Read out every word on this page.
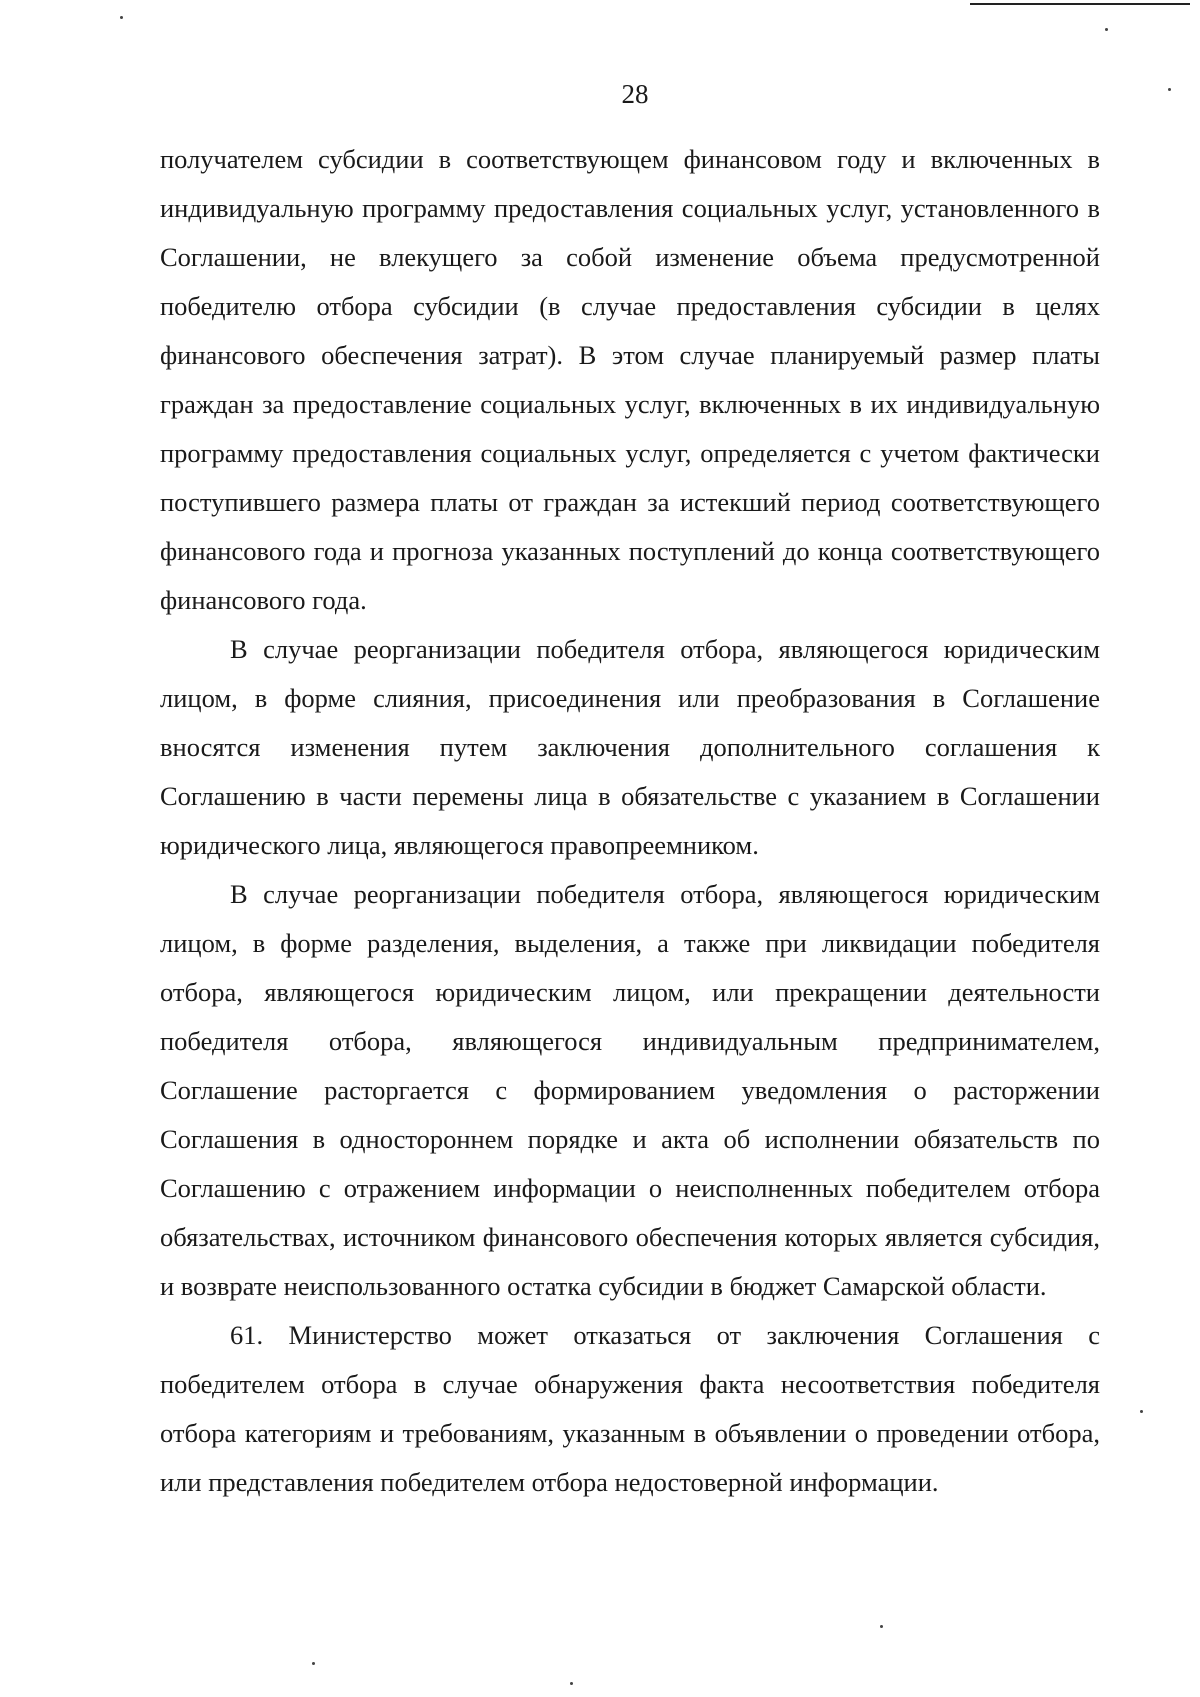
28

получателем субсидии в соответствующем финансовом году и включенных в индивидуальную программу предоставления социальных услуг, установленного в Соглашении, не влекущего за собой изменение объема предусмотренной победителю отбора субсидии (в случае предоставления субсидии в целях финансового обеспечения затрат). В этом случае планируемый размер платы граждан за предоставление социальных услуг, включенных в их индивидуальную программу предоставления социальных услуг, определяется с учетом фактически поступившего размера платы от граждан за истекший период соответствующего финансового года и прогноза указанных поступлений до конца соответствующего финансового года.

В случае реорганизации победителя отбора, являющегося юридическим лицом, в форме слияния, присоединения или преобразования в Соглашение вносятся изменения путем заключения дополнительного соглашения к Соглашению в части перемены лица в обязательстве с указанием в Соглашении юридического лица, являющегося правопреемником.

В случае реорганизации победителя отбора, являющегося юридическим лицом, в форме разделения, выделения, а также при ликвидации победителя отбора, являющегося юридическим лицом, или прекращении деятельности победителя отбора, являющегося индивидуальным предпринимателем, Соглашение расторгается с формированием уведомления о расторжении Соглашения в одностороннем порядке и акта об исполнении обязательств по Соглашению с отражением информации о неисполненных победителем отбора обязательствах, источником финансового обеспечения которых является субсидия, и возврате неиспользованного остатка субсидии в бюджет Самарской области.

61. Министерство может отказаться от заключения Соглашения с победителем отбора в случае обнаружения факта несоответствия победителя отбора категориям и требованиям, указанным в объявлении о проведении отбора, или представления победителем отбора недостоверной информации.
